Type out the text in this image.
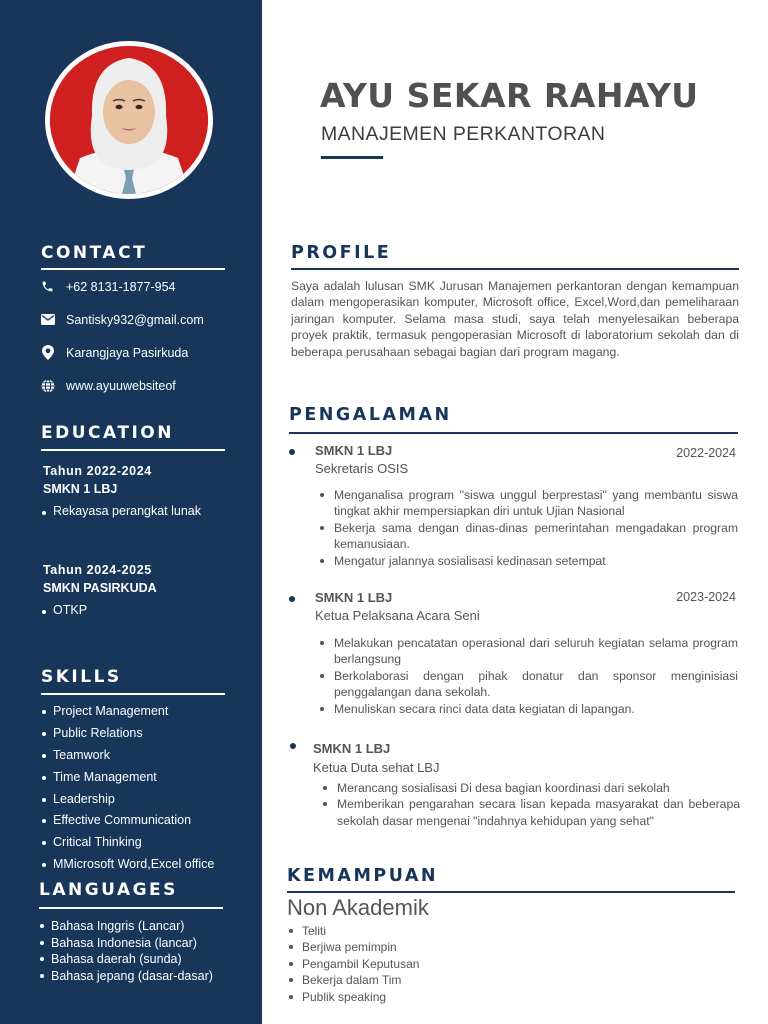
CONTACT
+62 8131-1877-954
Santisky932@gmail.com
Karangjaya Pasirkuda
www.ayuuwebsiteof
EDUCATION
Tahun 2022-2024
SMKN 1 LBJ
Rekayasa perangkat lunak
Tahun 2024-2025
SMKN PASIRKUDA
OTKP
SKILLS
Project Management
Public Relations
Teamwork
Time Management
Leadership
Effective Communication
Critical Thinking
MMicrosoft Word,Excel office
LANGUAGES
Bahasa Inggris (Lancar)
Bahasa Indonesia (lancar)
Bahasa daerah (sunda)
Bahasa jepang (dasar-dasar)
AYU SEKAR RAHAYU
MANAJEMEN PERKANTORAN
PROFILE

Saya adalah lulusan SMK Jurusan Manajemen perkantoran dengan kemampuan dalam mengoperasikan komputer, Microsoft office, Excel,Word,dan pemeliharaan jaringan komputer. Selama masa studi, saya telah menyelesaikan beberapa proyek praktik, termasuk pengoperasian Microsoft di laboratorium sekolah dan di beberapa perusahaan sebagai bagian dari program magang.

PENGALAMAN
SMKN 1 LBJ	2022-2024
Sekretaris OSIS
Menganalisa program "siswa unggul berprestasi" yang membantu siswa tingkat akhir mempersiapkan diri untuk Ujian Nasional
Bekerja sama dengan dinas-dinas pemerintahan mengadakan program kemanusiaan.
Mengatur jalannya sosialisasi kedinasan setempat
SMKN 1 LBJ	2023-2024
Ketua Pelaksana Acara Seni
Melakukan pencatatan operasional dari seluruh kegiatan selama program berlangsung
Berkolaborasi dengan pihak donatur dan sponsor menginisiasi penggalangan dana sekolah.
Menuliskan secara rinci data data kegiatan di lapangan.
SMKN 1 LBJ
Ketua Duta sehat LBJ
Merancang sosialisasi Di desa bagian koordinasi dari sekolah
Memberikan pengarahan secara lisan kepada masyarakat dan beberapa sekolah dasar mengenai "indahnya kehidupan yang sehat"
KEMAMPUAN
Non Akademik
Teliti
Berjiwa pemimpin
Pengambil Keputusan
Bekerja dalam Tim
Publik speaking
